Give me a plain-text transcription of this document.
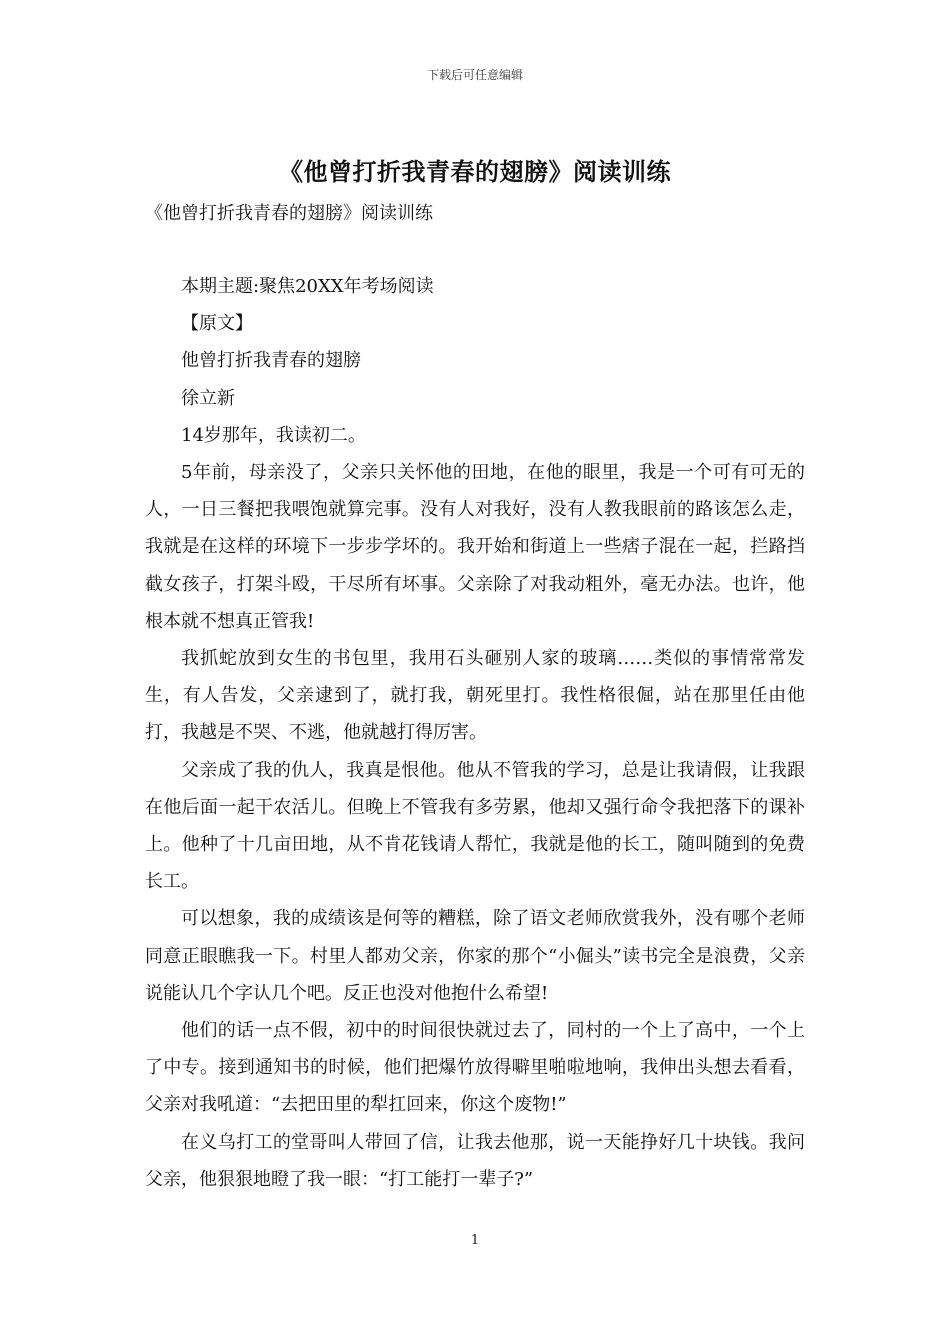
下载后可任意编辑
《他曾打折我青春的翅膀》阅读训练
《他曾打折我青春的翅膀》阅读训练

本期主题:聚焦20XX年考场阅读

【原文】

他曾打折我青春的翅膀

徐立新

14岁那年，我读初二。

5年前，母亲没了，父亲只关怀他的田地，在他的眼里，我是一个可有可无的人，一日三餐把我喂饱就算完事。没有人对我好，没有人教我眼前的路该怎么走，我就是在这样的环境下一步步学坏的。我开始和街道上一些痞子混在一起，拦路挡截女孩子，打架斗殴，干尽所有坏事。父亲除了对我动粗外，毫无办法。也许，他根本就不想真正管我!

我抓蛇放到女生的书包里，我用石头砸别人家的玻璃……类似的事情常常发生，有人告发，父亲逮到了，就打我，朝死里打。我性格很倔，站在那里任由他打，我越是不哭、不逃，他就越打得厉害。

父亲成了我的仇人，我真是恨他。他从不管我的学习，总是让我请假，让我跟在他后面一起干农活儿。但晚上不管我有多劳累，他却又强行命令我把落下的课补上。他种了十几亩田地，从不肯花钱请人帮忙，我就是他的长工，随叫随到的免费长工。

可以想象，我的成绩该是何等的糟糕，除了语文老师欣赏我外，没有哪个老师同意正眼瞧我一下。村里人都劝父亲，你家的那个“小倔头”读书完全是浪费，父亲说能认几个字认几个吧。反正也没对他抱什么希望!

他们的话一点不假，初中的时间很快就过去了，同村的一个上了高中，一个上了中专。接到通知书的时候，他们把爆竹放得噼里啪啦地响，我伸出头想去看看，父亲对我吼道：“去把田里的犁扛回来，你这个废物!”

在义乌打工的堂哥叫人带回了信，让我去他那，说一天能挣好几十块钱。我问父亲，他狠狠地瞪了我一眼：“打工能打一辈子?”

1
